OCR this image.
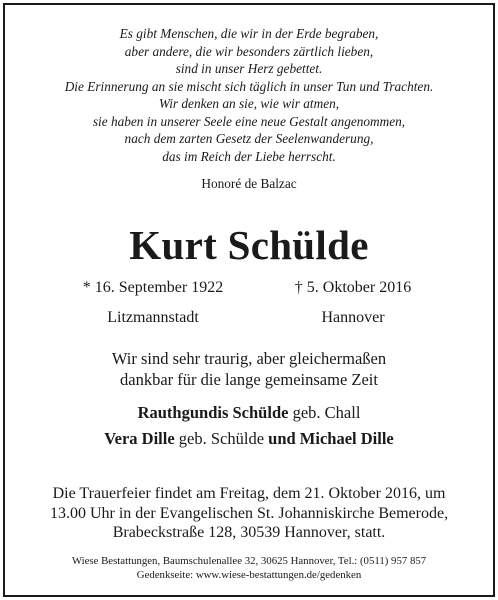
Es gibt Menschen, die wir in der Erde begraben,
aber andere, die wir besonders zärtlich lieben,
sind in unser Herz gebettet.
Die Erinnerung an sie mischt sich täglich in unser Tun und Trachten.
Wir denken an sie, wie wir atmen,
sie haben in unserer Seele eine neue Gestalt angenommen,
nach dem zarten Gesetz der Seelenwanderung,
das im Reich der Liebe herrscht.
Honoré de Balzac
Kurt Schülde
* 16. September 1922
Litzmannstadt
† 5. Oktober 2016
Hannover
Wir sind sehr traurig, aber gleichermaßen
dankbar für die lange gemeinsame Zeit
Rauthgundis Schülde geb. Chall
Vera Dille geb. Schülde und Michael Dille
Die Trauerfeier findet am Freitag, dem 21. Oktober 2016, um
13.00 Uhr in der Evangelischen St. Johanniskirche Bemerode,
Brabeckstraße 128, 30539 Hannover, statt.
Wiese Bestattungen, Baumschulenallee 32, 30625 Hannover, Tel.: (0511) 957 857
Gedenkseite: www.wiese-bestattungen.de/gedenken
